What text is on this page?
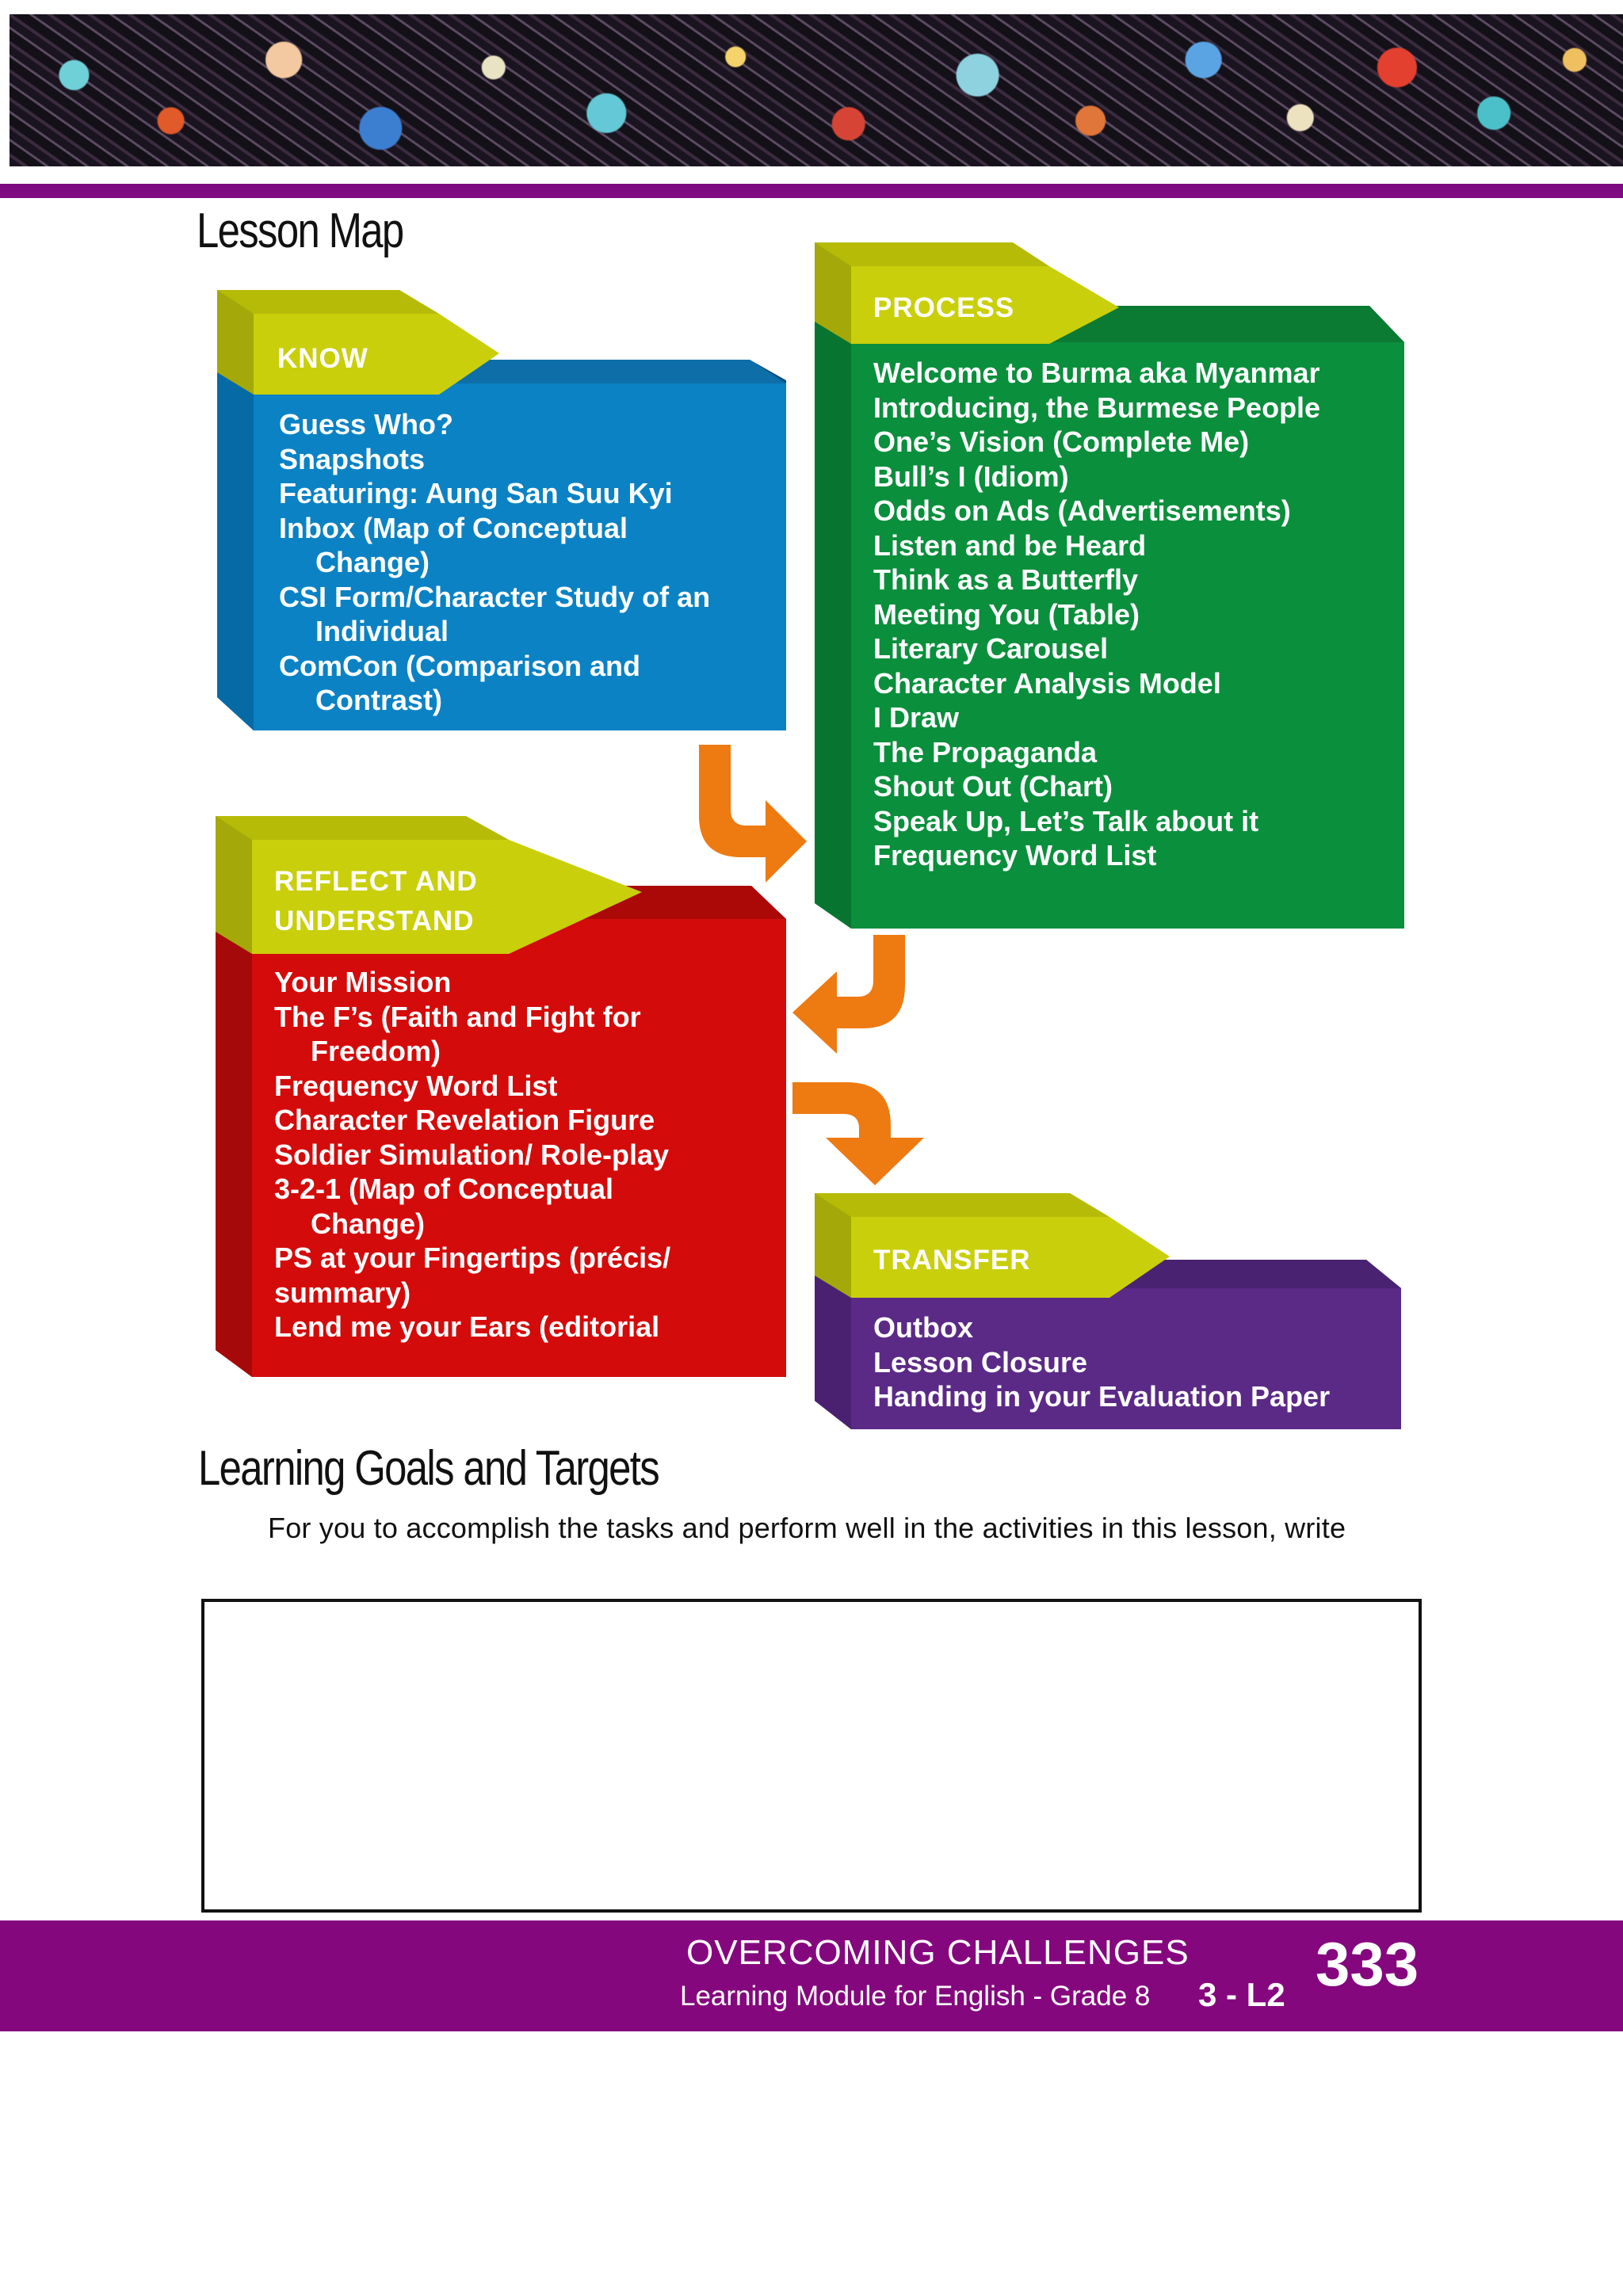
Lesson Map
KNOW
Guess Who?
Snapshots
Featuring: Aung San Suu Kyi
Inbox (Map of Conceptual
Change)
CSI Form/Character Study of an
Individual
ComCon (Comparison and
Contrast)
PROCESS
Welcome to Burma aka Myanmar
Introducing, the Burmese People
One’s Vision (Complete Me)
Bull’s I (Idiom)
Odds on Ads (Advertisements)
Listen and be Heard
Think as a Butterfly
Meeting You (Table)
Literary Carousel
Character Analysis Model
I Draw
The Propaganda
Shout Out (Chart)
Speak Up, Let’s Talk about it
Frequency Word List
REFLECT AND
UNDERSTAND
Your Mission
The F’s (Faith and Fight for
Freedom)
Frequency Word List
Character Revelation Figure
Soldier Simulation/ Role-play
3-2-1 (Map of Conceptual
Change)
PS at your Fingertips (précis/
summary)
Lend me your Ears (editorial
TRANSFER
Outbox
Lesson Closure
Handing in your Evaluation Paper
Learning Goals and Targets
For you to accomplish the tasks and perform well in the activities in this lesson, write
OVERCOMING CHALLENGES
Learning Module for English - Grade 8 3 - L2 333
